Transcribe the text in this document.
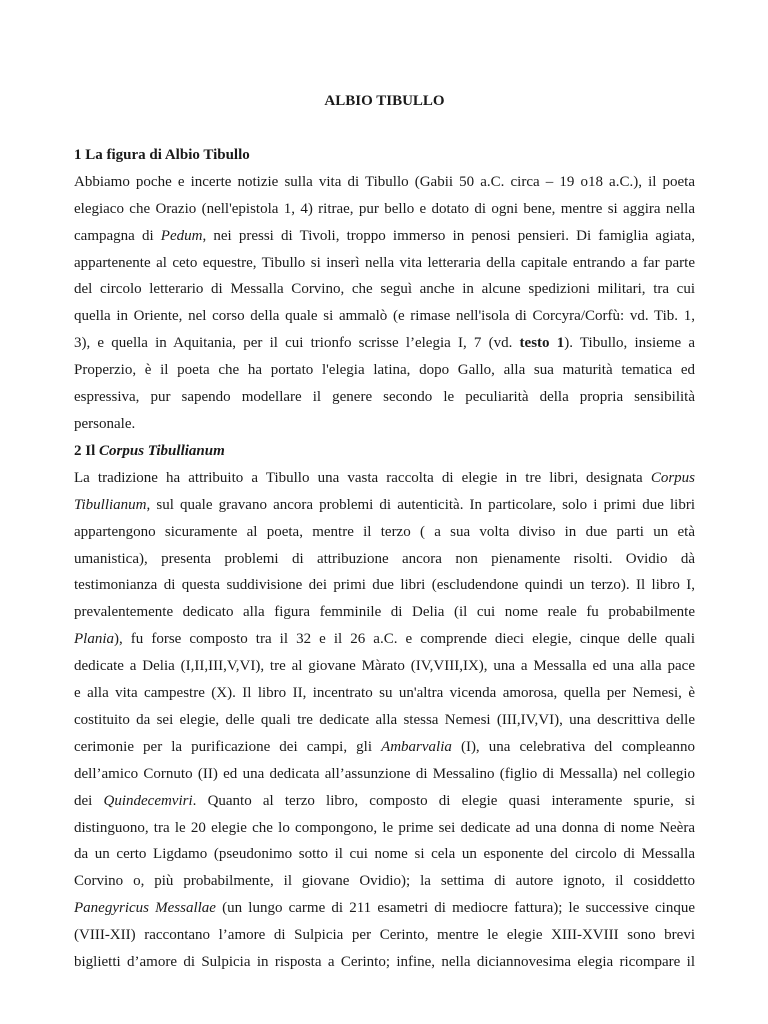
ALBIO TIBULLO
1 La figura di Albio Tibullo
Abbiamo poche e incerte notizie sulla vita di Tibullo (Gabii 50 a.C. circa – 19 o18 a.C.), il poeta
elegiaco che Orazio (nell'epistola 1, 4) ritrae, pur bello e dotato di ogni bene, mentre si aggira nella
campagna di Pedum, nei pressi di Tivoli, troppo immerso in penosi pensieri. Di famiglia agiata,
appartenente al ceto equestre, Tibullo si inserì nella vita letteraria della capitale entrando a far parte
del circolo letterario di Messalla Corvino, che seguì anche in alcune spedizioni militari, tra cui
quella in Oriente, nel corso della quale si ammalò (e rimase nell'isola di Corcyra/Corfù: vd. Tib. 1,
3), e quella in Aquitania, per il cui trionfo scrisse l’elegia I, 7 (vd. testo 1). Tibullo, insieme a
Properzio, è il poeta che ha portato l'elegia latina, dopo Gallo, alla sua maturità tematica ed
espressiva, pur sapendo modellare il genere secondo le peculiarità della propria sensibilità
personale.
2 Il Corpus Tibullianum
La tradizione ha attribuito a Tibullo una vasta raccolta di elegie in tre libri, designata Corpus
Tibullianum, sul quale gravano ancora problemi di autenticità. In particolare, solo i primi due libri
appartengono sicuramente al poeta, mentre il terzo ( a sua volta diviso in due parti un età
umanistica), presenta problemi di attribuzione ancora non pienamente risolti. Ovidio dà
testimonianza di questa suddivisione dei primi due libri (escludendone quindi un terzo). Il libro I,
prevalentemente dedicato alla figura femminile di Delia (il cui nome reale fu probabilmente
Plania), fu forse composto tra il 32 e il 26 a.C. e comprende dieci elegie, cinque delle quali
dedicate a Delia (I,II,III,V,VI), tre al giovane Màrato (IV,VIII,IX), una a Messalla ed una alla pace
e alla vita campestre (X). Il libro II, incentrato su un'altra vicenda amorosa, quella per Nemesi, è
costituito da sei elegie, delle quali tre dedicate alla stessa Nemesi (III,IV,VI), una descrittiva delle
cerimonie per la purificazione dei campi, gli Ambarvalia (I), una celebrativa del compleanno
dell’amico Cornuto (II) ed una dedicata all’assunzione di Messalino (figlio di Messalla) nel collegio
dei Quindecemviri. Quanto al terzo libro, composto di elegie quasi interamente spurie, si
distinguono, tra le 20 elegie che lo compongono, le prime sei dedicate ad una donna di nome Neèra
da un certo Ligdamo (pseudonimo sotto il cui nome si cela un esponente del circolo di Messalla
Corvino o, più probabilmente, il giovane Ovidio); la settima di autore ignoto, il cosiddetto
Panegyricus Messallae (un lungo carme di 211 esametri di mediocre fattura); le successive cinque
(VIII-XII) raccontano l’amore di Sulpicia per Cerinto, mentre le elegie XIII-XVIII sono brevi
biglietti d’amore di Sulpicia in risposta a Cerinto; infine, nella diciannovesima elegia ricompare il
